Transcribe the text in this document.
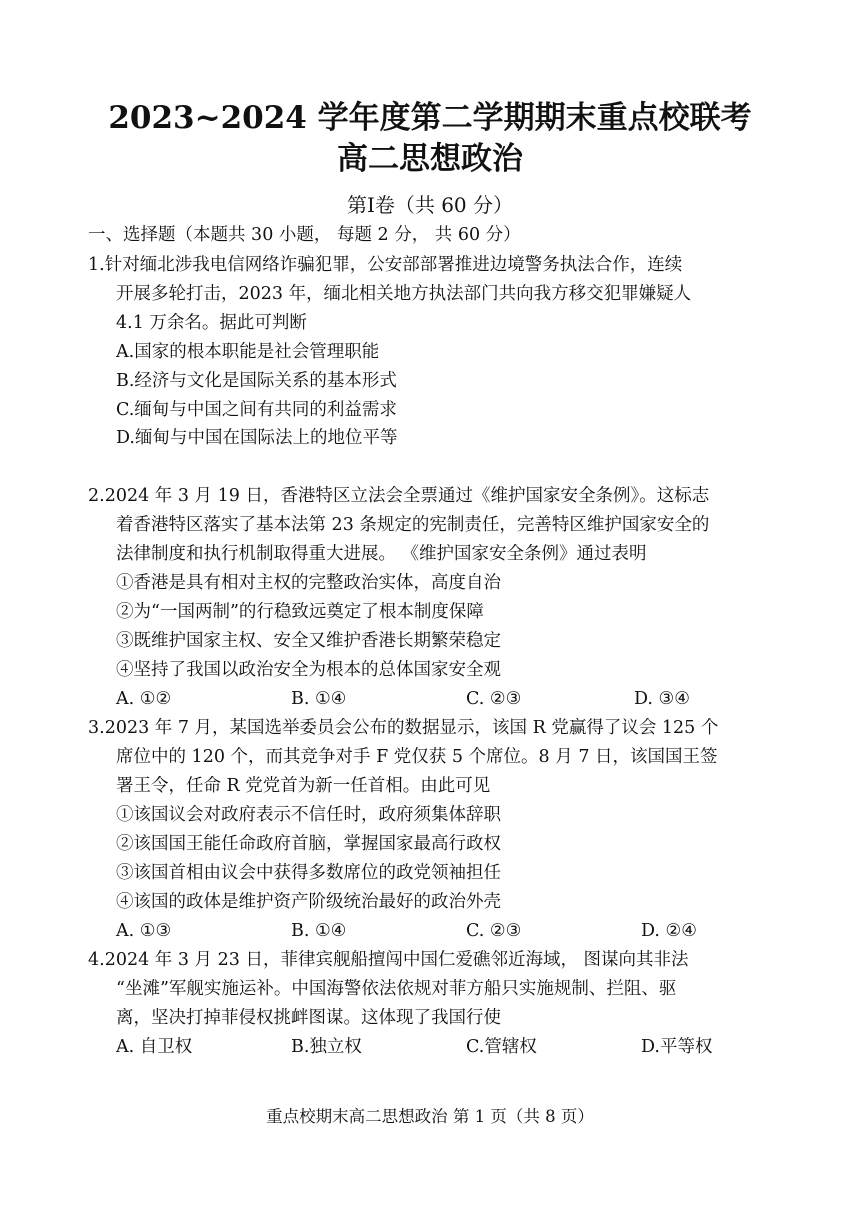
2023~2024 学年度第二学期期末重点校联考
高二思想政治
第Ⅰ卷（共 60 分）
一、选择题（本题共 30 小题， 每题 2 分， 共 60 分）
1.针对缅北涉我电信网络诈骗犯罪，公安部部署推进边境警务执法合作，连续
开展多轮打击，2023 年，缅北相关地方执法部门共向我方移交犯罪嫌疑人
4.1 万余名。据此可判断
A.国家的根本职能是社会管理职能
B.经济与文化是国际关系的基本形式
C.缅甸与中国之间有共同的利益需求
D.缅甸与中国在国际法上的地位平等
2.2024 年 3 月 19 日，香港特区立法会全票通过《维护国家安全条例》。这标志
着香港特区落实了基本法第 23 条规定的宪制责任，完善特区维护国家安全的
法律制度和执行机制取得重大进展。 《维护国家安全条例》通过表明
①香港是具有相对主权的完整政治实体，高度自治
②为“一国两制”的行稳致远奠定了根本制度保障
③既维护国家主权、安全又维护香港长期繁荣稳定
④坚持了我国以政治安全为根本的总体国家安全观
A. ①②	B. ①④	C. ②③	D. ③④
3.2023 年 7 月，某国选举委员会公布的数据显示，该国 R 党赢得了议会 125 个
席位中的 120 个，而其竞争对手 F 党仅获 5 个席位。8 月 7 日，该国国王签
署王令，任命 R 党党首为新一任首相。由此可见
①该国议会对政府表示不信任时，政府须集体辞职
②该国国王能任命政府首脑，掌握国家最高行政权
③该国首相由议会中获得多数席位的政党领袖担任
④该国的政体是维护资产阶级统治最好的政治外壳
A. ①③	B. ①④	C. ②③	D. ②④
4.2024 年 3 月 23 日，菲律宾舰船擅闯中国仁爱礁邻近海域， 图谋向其非法
“坐滩”军舰实施运补。中国海警依法依规对菲方船只实施规制、拦阻、驱
离，坚决打掉菲侵权挑衅图谋。这体现了我国行使
A. 自卫权	B.独立权	C.管辖权	D.平等权
重点校期末高二思想政治 第 1 页（共 8 页）
